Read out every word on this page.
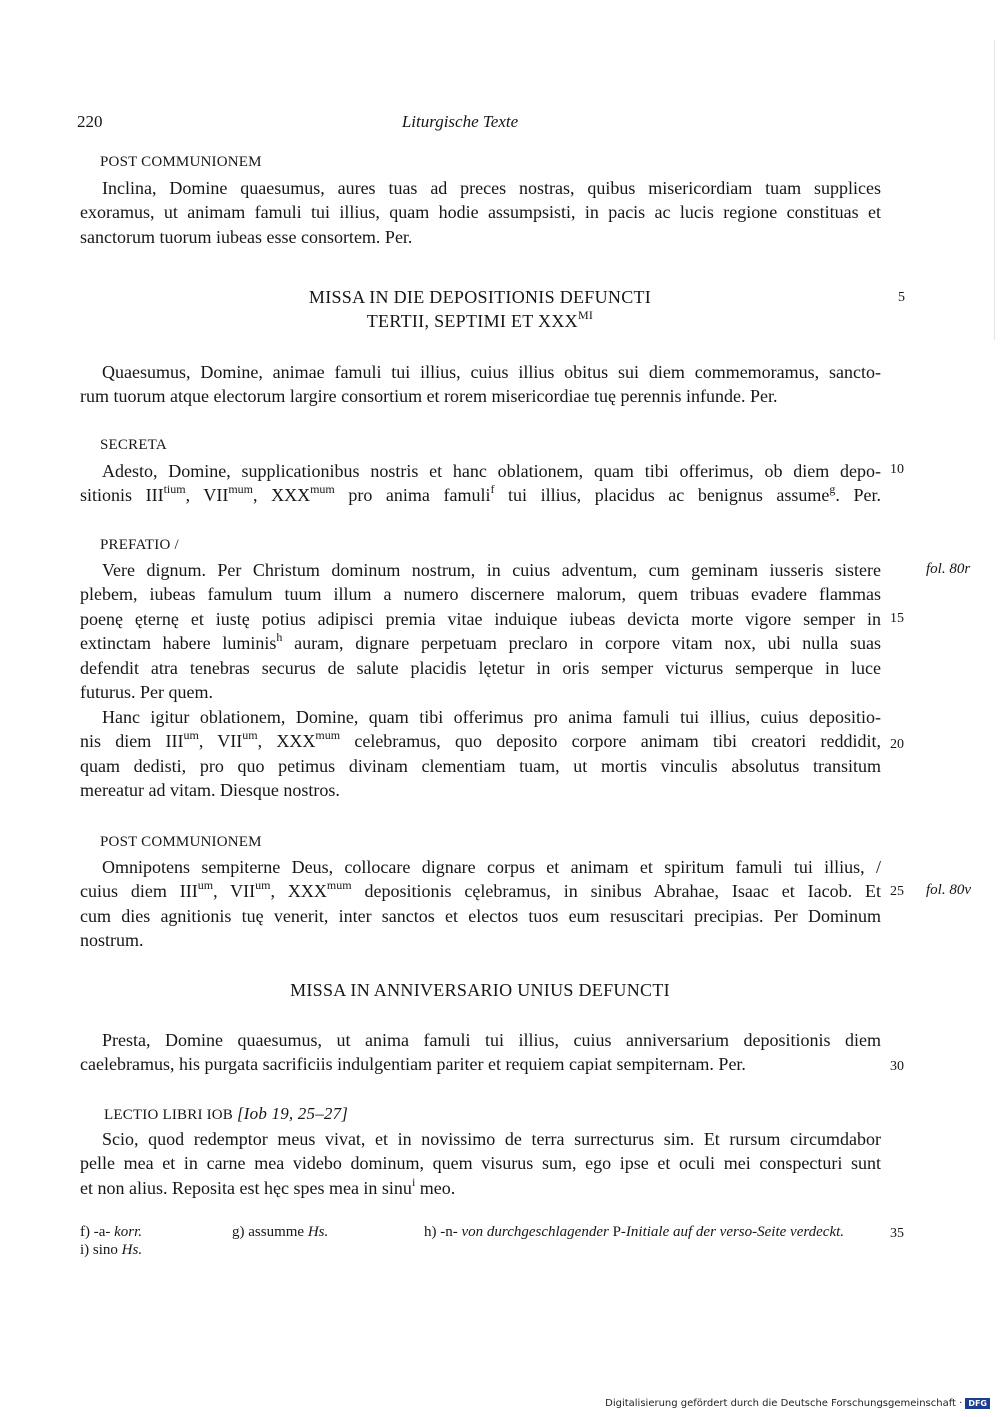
220	Liturgische Texte
POST COMMUNIONEM
Inclina, Domine quaesumus, aures tuas ad preces nostras, quibus misericordiam tuam supplices
exoramus, ut animam famuli tui illius, quam hodie assumpsisti, in pacis ac lucis regione constituas et
sanctorum tuorum iubeas esse consortem. Per.
MISSA IN DIE DEPOSITIONIS DEFUNCTI
TERTII, SEPTIMI ET $XXX^{MI}$
Quaesumus, Domine, animae famuli tui illius, cuius illius obitus sui diem commemoramus, sancto-
rum tuorum atque electorum largire consortium et rorem misericordiae tuę perennis infunde. Per.
SECRETA
Adesto, Domine, supplicationibus nostris et hanc oblationem, quam tibi offerimus, ob diem depo-
sitionis $III^{tium}$, $VII^{mum}$, $XXX^{mum}$ pro anima famuli$^f$ tui illius, placidus ac benignus assume$^g$. Per.
PREFATIO /
Vere dignum. Per Christum dominum nostrum, in cuius adventum, cum geminam iusseris sistere
plebem, iubeas famulum tuum illum a numero discernere malorum, quem tribuas evadere flammas
poenę ęternę et iustę potius adipisci premia vitae induique iubeas devicta morte vigore semper in
extinctam habere luminis$^h$ auram, dignare perpetuam preclaro in corpore vitam nox, ubi nulla suas
defendit atra tenebras securus de salute placidis lętetur in oris semper victurus semperque in luce
futurus. Per quem.
Hanc igitur oblationem, Domine, quam tibi offerimus pro anima famuli tui illius, cuius depositio-
nis diem $III^{um}$, $VII^{um}$, $XXX^{mum}$ celebramus, quo deposito corpore animam tibi creatori reddidit,
quam dedisti, pro quo petimus divinam clementiam tuam, ut mortis vinculis absolutus transitum
mereatur ad vitam. Diesque nostros.
POST COMMUNIONEM
Omnipotens sempiterne Deus, collocare dignare corpus et animam et spiritum famuli tui illius, /
cuius diem $III^{um}$, $VII^{um}$, $XXX^{mum}$ depositionis cęlebramus, in sinibus Abrahae, Isaac et Iacob. Et
cum dies agnitionis tuę venerit, inter sanctos et electos tuos eum resuscitari precipias. Per Dominum
nostrum.
MISSA IN ANNIVERSARIO UNIUS DEFUNCTI
Presta, Domine quaesumus, ut anima famuli tui illius, cuius anniversarium depositionis diem
caelebramus, his purgata sacrificiis indulgentiam pariter et requiem capiat sempiternam. Per.
LECTIO LIBRI IOB [Iob 19, 25–27]
Scio, quod redemptor meus vivat, et in novissimo de terra surrecturus sim. Et rursum circumdabor
pelle mea et in carne mea videbo dominum, quem visurus sum, ego ipse et oculi mei conspecturi sunt
et non alius. Reposita est hęc spes mea in sinu$^i$ meo.
5
10
15
20
25
30
35
fol. 80r
fol. 80v
f) -a- korr.	g) assumme Hs.	h) -n- von durchgeschlagender P-Initiale auf der verso-Seite verdeckt.
i) sino Hs.
Digitalisierung gefördert durch die Deutsche Forschungsgemeinschaft · DFG
